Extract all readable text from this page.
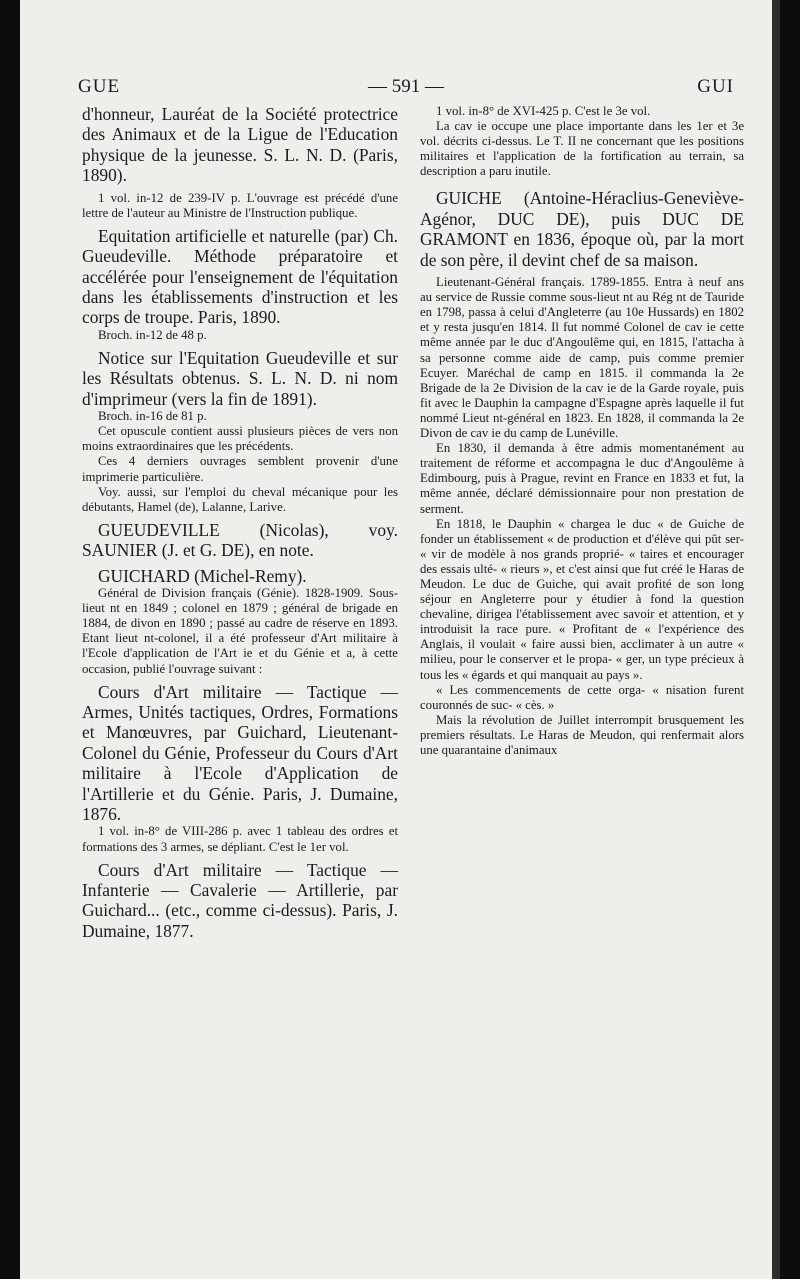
GUE	— 591 —	GUI

d'honneur, Lauréat de la Société protectrice des Animaux et de la Ligue de l'Education physique de la jeunesse. S. L. N. D. (Paris, 1890).

1 vol. in-12 de 239-IV p. L'ouvrage est précédé d'une lettre de l'auteur au Ministre de l'Instruction publique.

Equitation artificielle et naturelle (par) Ch. Gueudeville. Méthode préparatoire et accélérée pour l'enseignement de l'équitation dans les établissements d'instruction et les corps de troupe. Paris, 1890.

Broch. in-12 de 48 p.

Notice sur l'Equitation Gueudeville et sur les Résultats obtenus. S. L. N. D. ni nom d'imprimeur (vers la fin de 1891).

Broch. in-16 de 81 p.

Cet opuscule contient aussi plusieurs pièces de vers non moins extraordinaires que les précédents.

Ces 4 derniers ouvrages semblent provenir d'une imprimerie particulière.

Voy. aussi, sur l'emploi du cheval mécanique pour les débutants, Hamel (de), Lalanne, Larive.

GUEUDEVILLE (Nicolas), voy. SAUNIER (J. et G. DE), en note.

GUICHARD (Michel-Remy).

Général de Division français (Génie). 1828-1909. Sous-lieut nt en 1849 ; colonel en 1879 ; général de brigade en 1884, de divon en 1890 ; passé au cadre de réserve en 1893. Etant lieut nt-colonel, il a été professeur d'Art militaire à l'Ecole d'application de l'Art ie et du Génie et a, à cette occasion, publié l'ouvrage suivant :

Cours d'Art militaire — Tactique — Armes, Unités tactiques, Ordres, Formations et Manœuvres, par Guichard, Lieutenant-Colonel du Génie, Professeur du Cours d'Art militaire à l'Ecole d'Application de l'Artillerie et du Génie. Paris, J. Dumaine, 1876.

1 vol. in-8° de VIII-286 p. avec 1 tableau des ordres et formations des 3 armes, se dépliant. C'est le 1er vol.

Cours d'Art militaire — Tactique — Infanterie — Cavalerie — Artillerie, par Guichard... (etc., comme ci-dessus). Paris, J. Dumaine, 1877.

1 vol. in-8° de XVI-425 p. C'est le 3e vol.

La cav ie occupe une place importante dans les 1er et 3e vol. décrits ci-dessus. Le T. II ne concernant que les positions militaires et l'application de la fortification au terrain, sa description a paru inutile.

GUICHE (Antoine-Héraclius-Geneviève-Agénor, DUC DE), puis DUC DE GRAMONT en 1836, époque où, par la mort de son père, il devint chef de sa maison.

Lieutenant-Général français. 1789-1855. Entra à neuf ans au service de Russie comme sous-lieut nt au Rég nt de Tauride en 1798, passa à celui d'Angleterre (au 10e Hussards) en 1802 et y resta jusqu'en 1814. Il fut nommé Colonel de cav ie cette même année par le duc d'Angoulême qui, en 1815, l'attacha à sa personne comme aide de camp, puis comme premier Ecuyer. Maréchal de camp en 1815. il commanda la 2e Brigade de la 2e Division de la cav ie de la Garde royale, puis fit avec le Dauphin la campagne d'Espagne après laquelle il fut nommé Lieut nt-général en 1823. En 1828, il commanda la 2e Divon de cav ie du camp de Lunéville.

En 1830, il demanda à être admis momentanément au traitement de réforme et accompagna le duc d'Angoulême à Edimbourg, puis à Prague, revint en France en 1833 et fut, la même année, déclaré démissionnaire pour non prestation de serment.

En 1818, le Dauphin « chargea le duc « de Guiche de fonder un établissement « de production et d'élève qui pût ser- « vir de modèle à nos grands proprié- « taires et encourager des essais ulté- « rieurs », et c'est ainsi que fut créé le Haras de Meudon. Le duc de Guiche, qui avait profité de son long séjour en Angleterre pour y étudier à fond la question chevaline, dirigea l'établissement avec savoir et attention, et y introduisit la race pure. « Profitant de « l'expérience des Anglais, il voulait « faire aussi bien, acclimater à un autre « milieu, pour le conserver et le propa- « ger, un type précieux à tous les « égards et qui manquait au pays ».

« Les commencements de cette orga- « nisation furent couronnés de suc- « cès. »

Mais la révolution de Juillet interrompit brusquement les premiers résultats. Le Haras de Meudon, qui renfermait alors une quarantaine d'animaux
